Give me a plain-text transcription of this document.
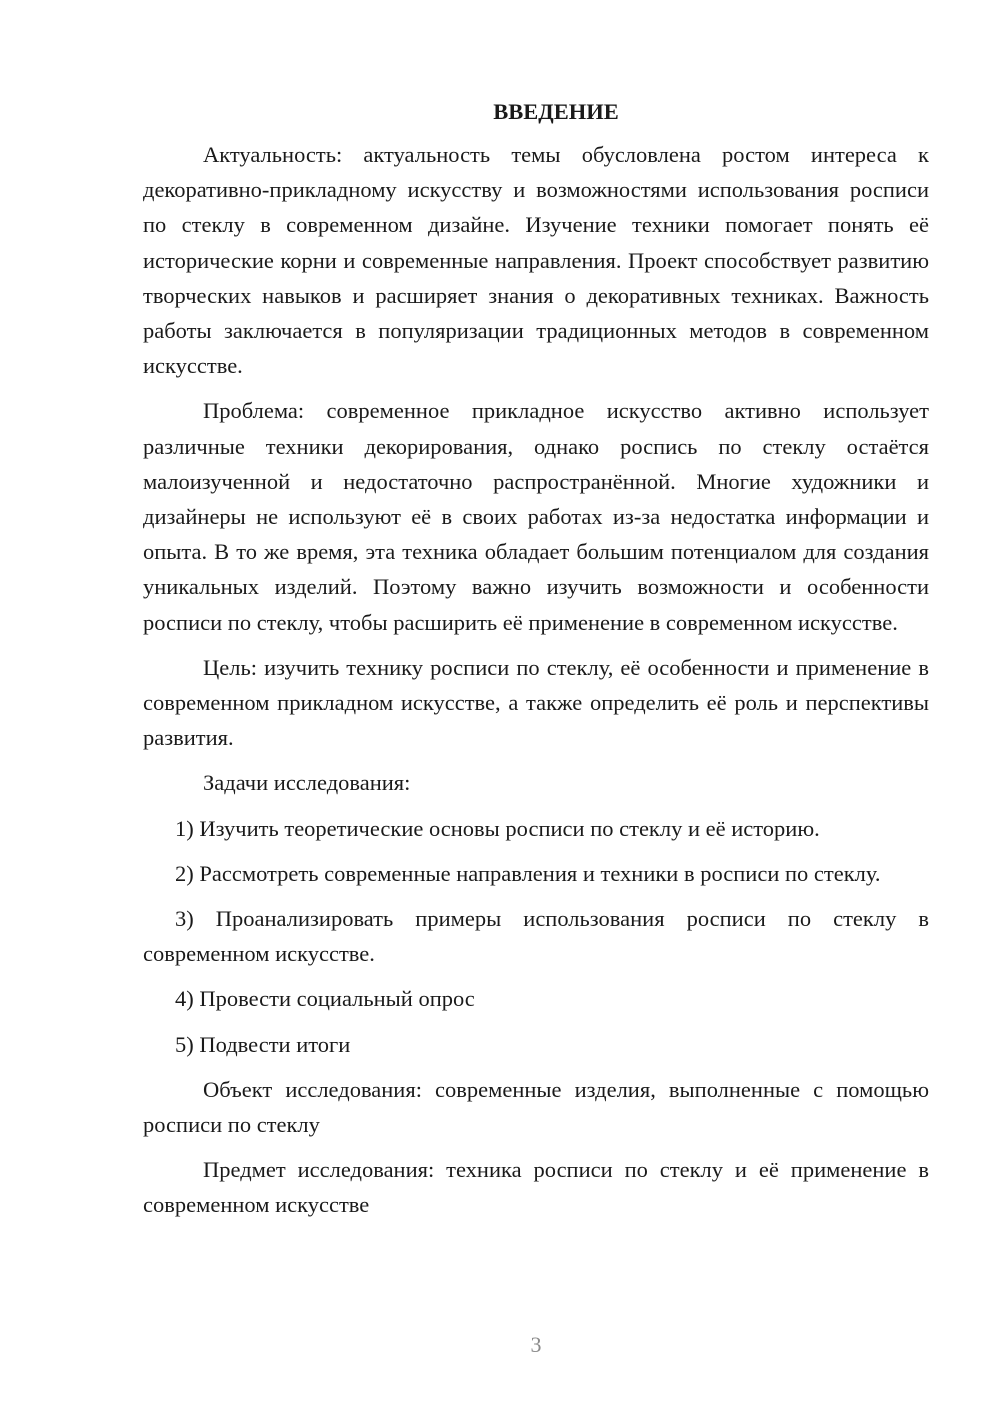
ВВЕДЕНИЕ

Актуальность: актуальность темы обусловлена ростом интереса к декоративно-прикладному искусству и возможностями использования росписи по стеклу в современном дизайне. Изучение техники помогает понять её исторические корни и современные направления. Проект способствует развитию творческих навыков и расширяет знания о декоративных техниках. Важность работы заключается в популяризации традиционных методов в современном искусстве.

Проблема: современное прикладное искусство активно использует различные техники декорирования, однако роспись по стеклу остаётся малоизученной и недостаточно распространённой. Многие художники и дизайнеры не используют её в своих работах из-за недостатка информации и опыта. В то же время, эта техника обладает большим потенциалом для создания уникальных изделий. Поэтому важно изучить возможности и особенности росписи по стеклу, чтобы расширить её применение в современном искусстве.

Цель: изучить технику росписи по стеклу, её особенности и применение в современном прикладном искусстве, а также определить её роль и перспективы развития.

Задачи исследования:

1) Изучить теоретические основы росписи по стеклу и её историю.

2) Рассмотреть современные направления и техники в росписи по стеклу.

3) Проанализировать примеры использования росписи по стеклу в современном искусстве.

4) Провести социальный опрос

5) Подвести итоги

Объект исследования: современные изделия, выполненные с помощью росписи по стеклу

Предмет исследования: техника росписи по стеклу и её применение в современном искусстве

3
